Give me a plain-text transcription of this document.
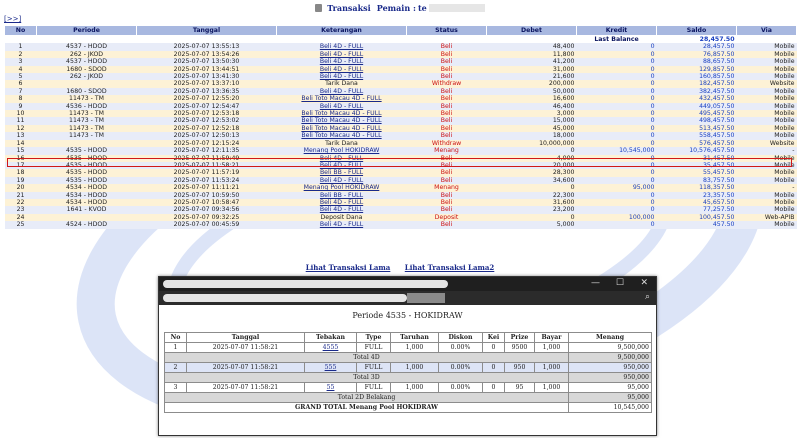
Transaksi Pemain : te
[>>]
No	Periode	Tanggal	Keterangan	Status	Debet	Kredit	Saldo	Via
						Last Balance	28,457.50	
1	4537 - HDOD	2025-07-07 13:55:13	Beli 4D - FULL	Beli	48,400	0	28,457.50	Mobile
2	262 - JKOD	2025-07-07 13:54:26	Beli 4D - FULL	Beli	11,800	0	76,857.50	Mobile
3	4537 - HDOD	2025-07-07 13:50:30	Beli 4D - FULL	Beli	41,200	0	88,657.50	Mobile
4	1680 - SDOD	2025-07-07 13:44:51	Beli 4D - FULL	Beli	31,000	0	129,857.50	Mobile
5	262 - JKOD	2025-07-07 13:41:30	Beli 4D - FULL	Beli	21,600	0	160,857.50	Mobile
6		2025-07-07 13:37:10	Tarik Dana	Withdraw	200,000	0	182,457.50	Website
7	1680 - SDOD	2025-07-07 13:36:35	Beli 4D - FULL	Beli	50,000	0	382,457.50	Mobile
8	11473 - TM	2025-07-07 12:55:20	Beli Toto Macau 4D - FULL	Beli	16,600	0	432,457.50	Mobile
9	4536 - HDOD	2025-07-07 12:54:47	Beli 4D - FULL	Beli	46,400	0	449,057.50	Mobile
10	11473 - TM	2025-07-07 12:53:18	Beli Toto Macau 4D - FULL	Beli	3,000	0	495,457.50	Mobile
11	11473 - TM	2025-07-07 12:53:02	Beli Toto Macau 4D - FULL	Beli	15,000	0	498,457.50	Mobile
12	11473 - TM	2025-07-07 12:52:18	Beli Toto Macau 4D - FULL	Beli	45,000	0	513,457.50	Mobile
13	11473 - TM	2025-07-07 12:50:13	Beli Toto Macau 4D - FULL	Beli	18,000	0	558,457.50	Mobile
14		2025-07-07 12:15:24	Tarik Dana	Withdraw	10,000,000	0	576,457.50	Website
15	4535 - HDOD	2025-07-07 12:11:35	Menang Pool HOKIDRAW	Menang	0	10,545,000	10,576,457.50	-
16	4535 - HDOD	2025-07-07 11:59:49	Beli 4D - FULL	Beli	4,000	0	31,457.50	Mobile
17	4535 - HDOD	2025-07-07 11:58:21	Beli 4D - FULL	Beli	20,000	0	35,457.50	Mobile
18	4535 - HDOD	2025-07-07 11:57:19	Beli BB - FULL	Beli	28,300	0	55,457.50	Mobile
19	4535 - HDOD	2025-07-07 11:53:24	Beli 4D - FULL	Beli	34,600	0	83,757.50	Mobile
20	4534 - HDOD	2025-07-07 11:11:21	Menang Pool HOKIDRAW	Menang	0	95,000	118,357.50	-
21	4534 - HDOD	2025-07-07 10:59:50	Beli BB - FULL	Beli	22,300	0	23,357.50	Mobile
22	4534 - HDOD	2025-07-07 10:58:47	Beli 4D - FULL	Beli	31,600	0	45,657.50	Mobile
23	1641 - KVOD	2025-07-07 09:34:56	Beli 4D - FULL	Beli	23,200	0	77,257.50	Mobile
24		2025-07-07 09:32:25	Deposit Dana	Deposit	0	100,000	100,457.50	Web-APIB
25	4524 - HDOD	2025-07-07 00:45:59	Beli 4D - FULL	Beli	5,000	0	457.50	Mobile
Lihat Transaksi Lama Lihat Transaksi Lama2
— ☐ ✕
⌕
Periode 4535 - HOKIDRAW
No	Tanggal	Tebakan	Type	Taruhan	Diskon	Kei	Prize	Bayar	Menang
1	2025-07-07 11:58:21	4555	FULL	1,000	0.00%	0	9500	1,000	9,500,000
Total 4D									9,500,000
2	2025-07-07 11:58:21	555	FULL	1,000	0.00%	0	950	1,000	950,000
Total 3D									950,000
3	2025-07-07 11:58:21	55	FULL	1,000	0.00%	0	95	1,000	95,000
Total 2D Belakang									95,000
GRAND TOTAL Menang Pool HOKIDRAW									10,545,000
